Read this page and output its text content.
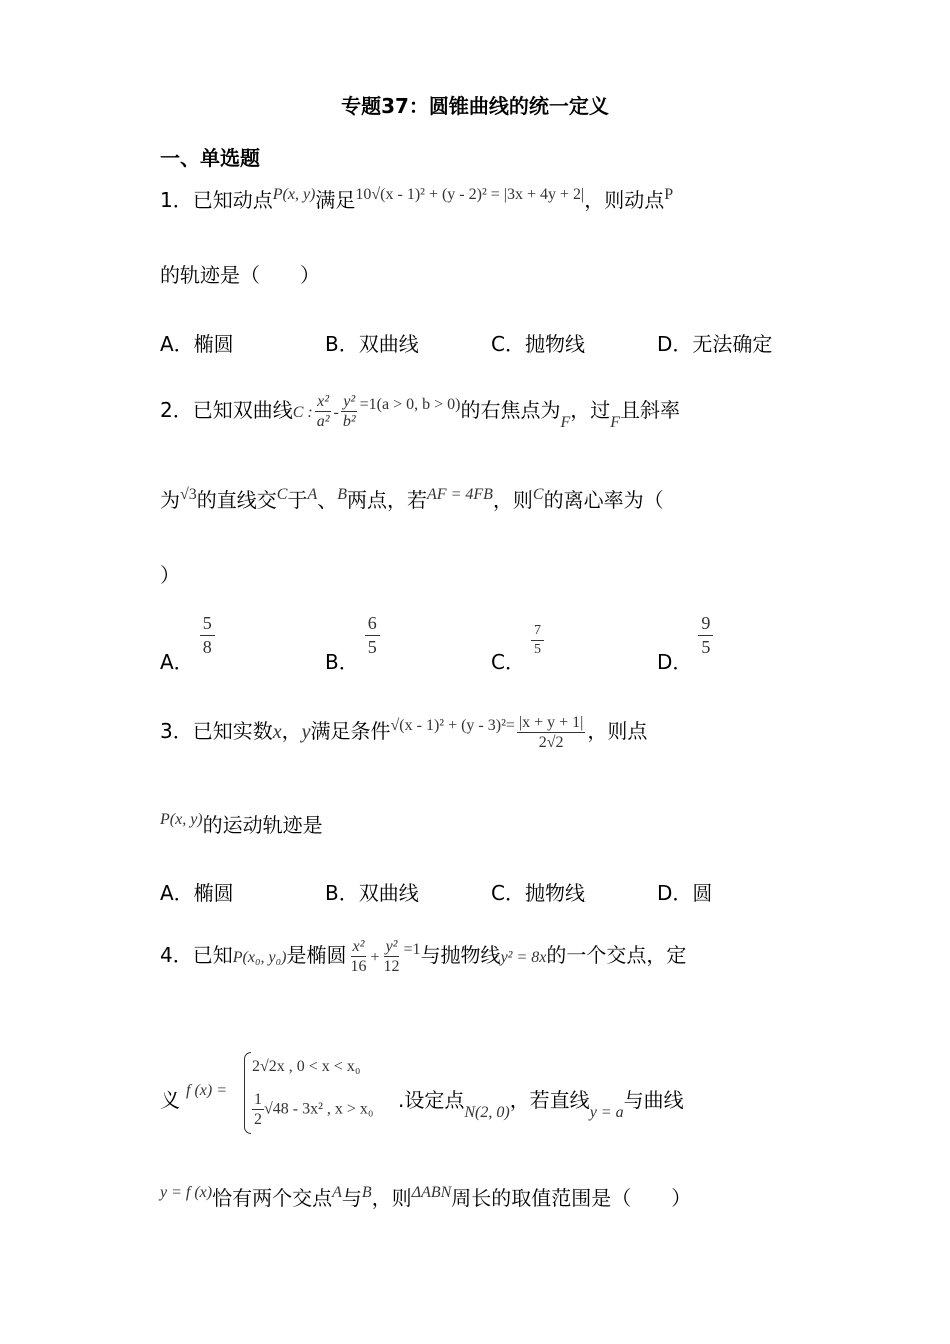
专题37：圆锥曲线的统一定义
一、单选题
1．已知动点$^{P(x, y)}$满足$^{10√(x - 1)^2 + (y - 2)^2 = |3x + 4y + 2|}$，则动点$^P$
的轨迹是（　　）
A．椭圆	B．双曲线	C．抛物线	D．无法确定
2．已知双曲线C : $\frac{\text{x²}}{\text{a²}} - \frac{\text{y²}}{\text{b²}} ^{=1(a > 0, b > 0)}$的右焦点为$_F$，过$_F$且斜率
为$^{√3}$的直线交$^C$于$^A$、$^B$两点，若$^{AF = 4FB}$，则$^C$的离心率为（
）
A．
$\frac{5}{8}$
B．
$\frac{6}{5}$
C．
$\frac{7}{5}$
D．
$\frac{9}{5}$
3．已知实数x，y满足条件$^{√(x - 1)^2 + (y - 3)^2=} \frac{|x + y + 1|}{2√2}$ ，则点
$^{P(x, y)}$的运动轨迹是
A．椭圆	B．双曲线	C．抛物线	D．圆
4．已知P(x₀, y₀)是椭圆 $\frac{\text{x²}}{16} + \frac{\text{y²}}{12} ^{=1}$与抛物线y² = 8x的一个交点，定
义 f (x) =
2√2x , 0 < x < x₀
$\frac{1}{2} √48 - 3x^2$ , x > x₀ .设定点$_{N(2, 0)}$，若直线$_{y = a}$与曲线
$^{y = f (x)}$恰有两个交点$^A$与$^B$，则$^{\Delta ABN}$周长的取值范围是（　　）
